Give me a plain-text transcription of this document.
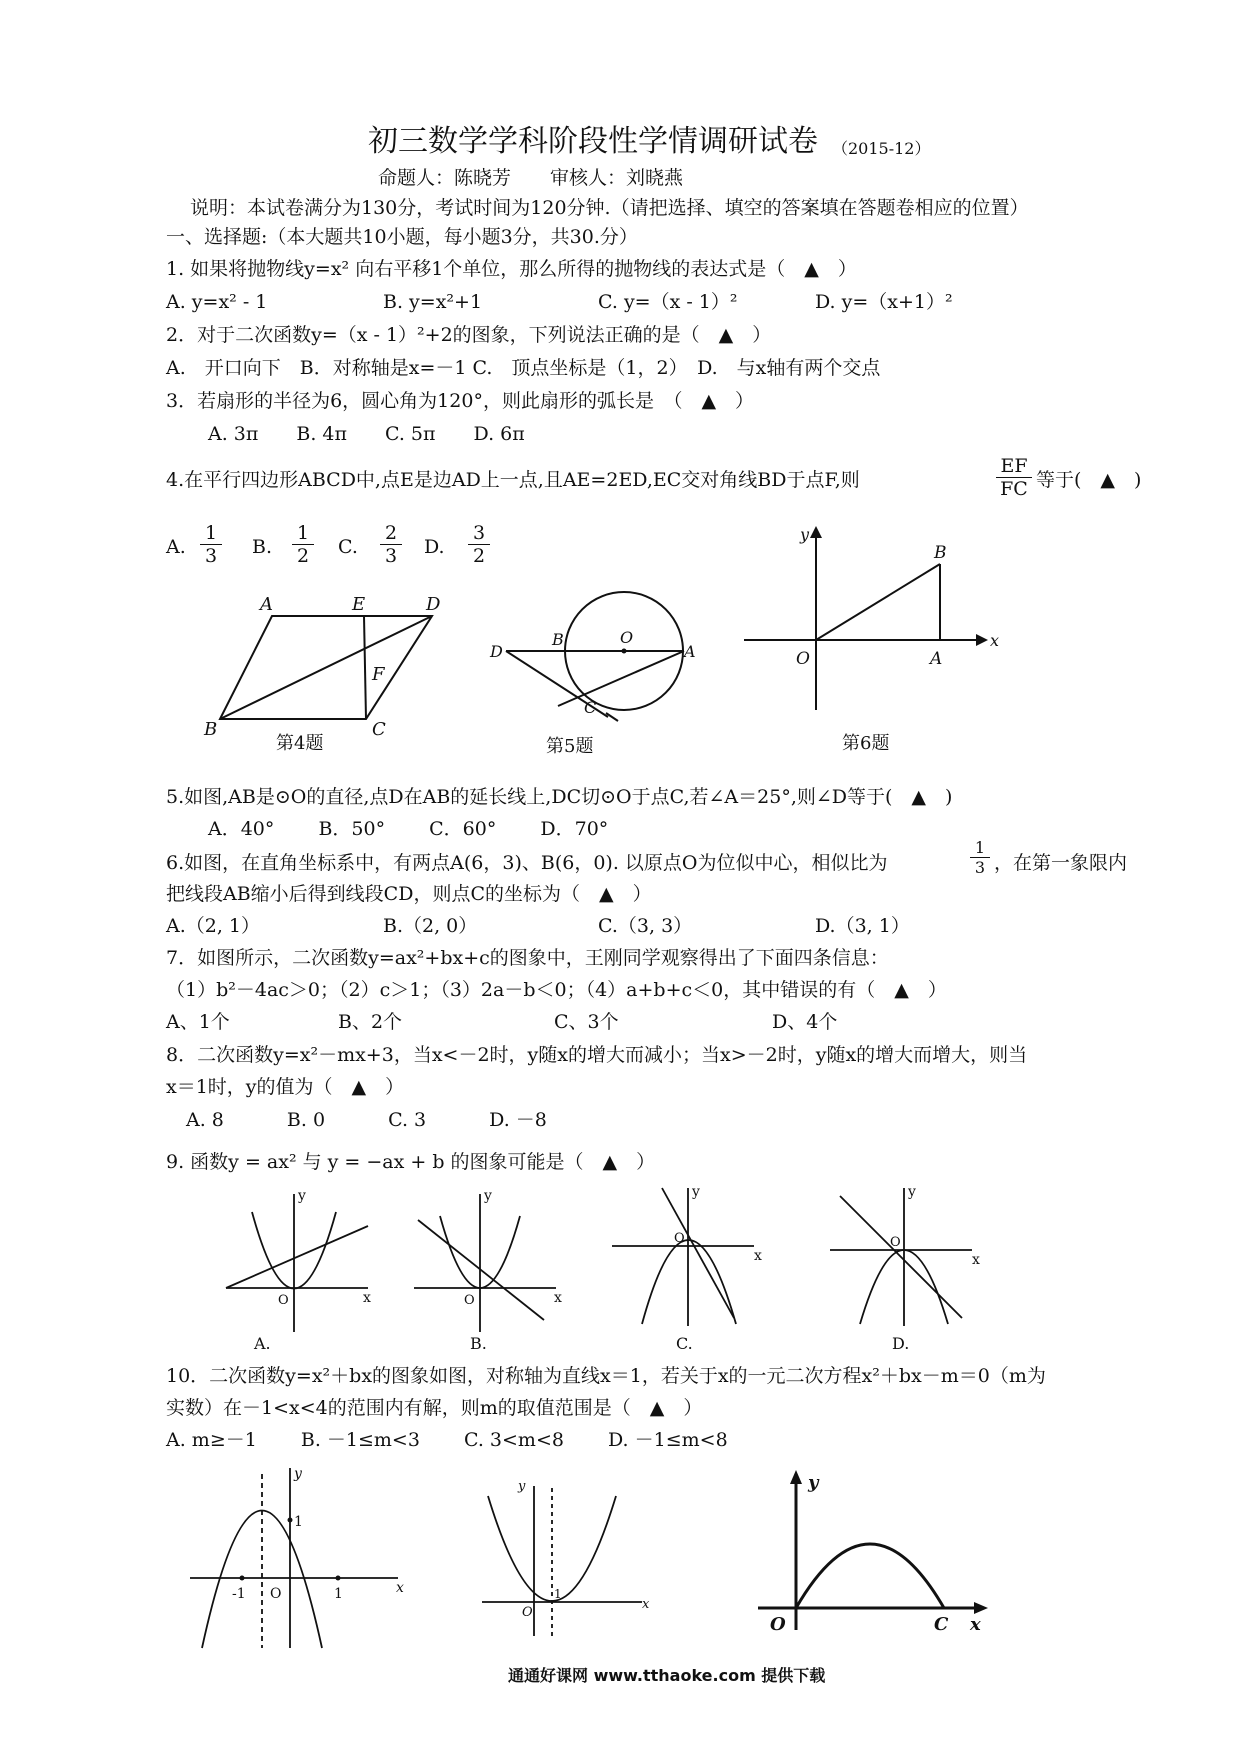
初三数学学科阶段性学情调研试卷 （2015-12）
命题人：陈晓芳 审核人：刘晓燕
说明：本试卷满分为130分，考试时间为120分钟.（请把选择、填空的答案填在答题卷相应的位置）
一、选择题:（本大题共10小题，每小题3分，共30.分）
1. 如果将抛物线y=x² 向右平移1个单位，那么所得的抛物线的表达式是（　▲　）
A. y=x² - 1	B. y=x²+1	C. y=（x - 1）²	D. y=（x+1）²
2．对于二次函数y=（x - 1）²+2的图象，下列说法正确的是（　▲　）
A.　开口向下　B．对称轴是x=－1 C.　顶点坐标是（1，2）　D.　与x轴有两个交点
3．若扇形的半径为6，圆心角为120°，则此扇形的弧长是　（　▲　）
A. 3π　　B. 4π　　C. 5π　　D. 6π
4.在平行四边形ABCD中,点E是边AD上一点,且AE=2ED,EC交对角线BD于点F,则	$\frac{EF}{FC}$ 等于(　▲　)
A. $\frac{1}{3} B$. $\frac{1}{2} C$. $\frac{2}{3} D$. $\frac{3}{2}$
A	E	D
F
B	C
第4题
D
B	O
A
C
第5题
x
y
O	A
B
第6题
5.如图,AB是⊙O的直径,点D在AB的延长线上,DC切⊙O于点C,若∠A＝25°,则∠D等于(　▲　)
A．40°　　 B．50°　　 C．60°　　 D．70°
6.如图，在直角坐标系中，有两点A(6，3)、B(6，0). 以原点O为位似中心，相似比为	$\frac{1}{3}$ ，在第一象限内
把线段AB缩小后得到线段CD，则点C的坐标为（　▲　）
A.（2, 1）	B.（2, 0）	C.（3, 3）	D.（3, 1）
7．如图所示，二次函数y=ax²+bx+c的图象中，王刚同学观察得出了下面四条信息：
（1）b²－4ac＞0；（2）c＞1；（3）2a－b＜0；（4）a+b+c＜0，其中错误的有（　▲　）
A、1个	B、2个	C、3个	D、4个
8．二次函数y=x²－mx+3，当x<－2时，y随x的增大而减小；当x>－2时，y随x的增大而增大，则当
x＝1时，y的值为（　▲　）
A. 8　　　 B. 0　　　 C. 3　　　 D. －8
9. 函数y = ax² 与 y = −ax + b 的图象可能是（　▲　）
y
x
O
A.
y
x
O
B.
y
x
O
C.
y
x
O
D.
10．二次函数y=x²＋bx的图象如图，对称轴为直线x＝1，若关于x的一元二次方程x²＋bx－m＝0（m为
实数）在－1<x<4的范围内有解，则m的取值范围是（　▲　）
A. m≥－1　　 B. －1≤m<3　　 C. 3<m<8　　 D. －1≤m<8
y
x
1
-1 O	1
y
x
O
1
y
x
O	C
通通好课网 www.tthaoke.com 提供下载
